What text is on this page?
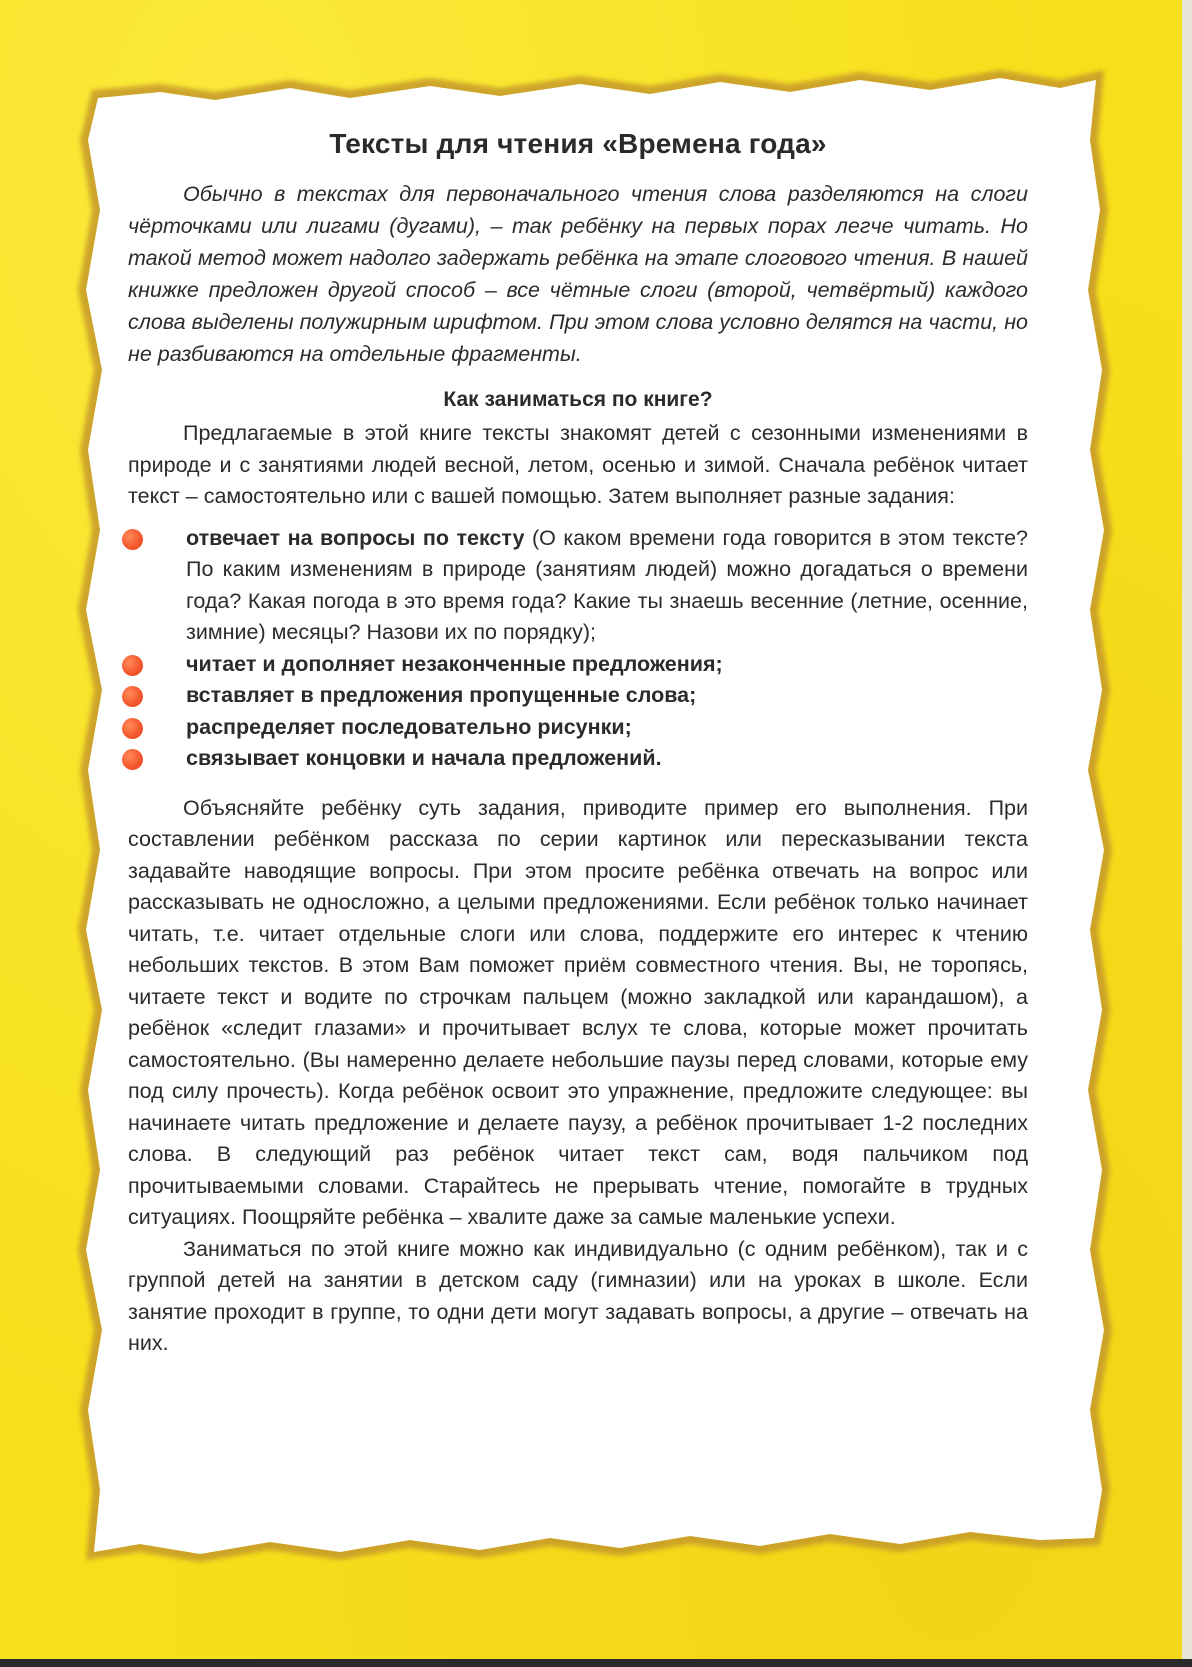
Тексты для чтения «Времена года»

Обычно в текстах для первоначального чтения слова разделяются на слоги чёрточками или лигами (дугами), – так ребёнку на первых порах легче читать. Но такой метод может надолго задержать ребёнка на этапе слогового чтения. В нашей книжке предложен другой способ – все чётные слоги (второй, четвёртый) каждого слова выделены полужирным шрифтом. При этом слова условно делятся на части, но не разбиваются на отдельные фрагменты.

Как заниматься по книге?

Предлагаемые в этой книге тексты знакомят детей с сезонными изменениями в природе и с занятиями людей весной, летом, осенью и зимой. Сначала ребёнок читает текст – самостоятельно или с вашей помощью. Затем выполняет разные задания:

отвечает на вопросы по тексту (О каком времени года говорится в этом тексте? По каким изменениям в природе (занятиям людей) можно догадаться о времени года? Какая погода в это время года? Какие ты знаешь весенние (летние, осенние, зимние) месяцы? Назови их по порядку);
читает и дополняет незаконченные предложения;
вставляет в предложения пропущенные слова;
распределяет последовательно рисунки;
связывает концовки и начала предложений.

Объясняйте ребёнку суть задания, приводите пример его выполнения. При составлении ребёнком рассказа по серии картинок или пересказывании текста задавайте наводящие вопросы. При этом просите ребёнка отвечать на вопрос или рассказывать не односложно, а целыми предложениями. Если ребёнок только начинает читать, т.е. читает отдельные слоги или слова, поддержите его интерес к чтению небольших текстов. В этом Вам поможет приём совместного чтения. Вы, не торопясь, читаете текст и водите по строчкам пальцем (можно закладкой или карандашом), а ребёнок «следит глазами» и прочитывает вслух те слова, которые может прочитать самостоятельно. (Вы намеренно делаете небольшие паузы перед словами, которые ему под силу прочесть). Когда ребёнок освоит это упражнение, предложите следующее: вы начинаете читать предложение и делаете паузу, а ребёнок прочитывает 1-2 последних слова. В следующий раз ребёнок читает текст сам, водя пальчиком под прочитываемыми словами. Старайтесь не прерывать чтение, помогайте в трудных ситуациях. Поощряйте ребёнка – хвалите даже за самые маленькие успехи.

Заниматься по этой книге можно как индивидуально (с одним ребёнком), так и с группой детей на занятии в детском саду (гимназии) или на уроках в школе. Если занятие проходит в группе, то одни дети могут задавать вопросы, а другие – отвечать на них.
